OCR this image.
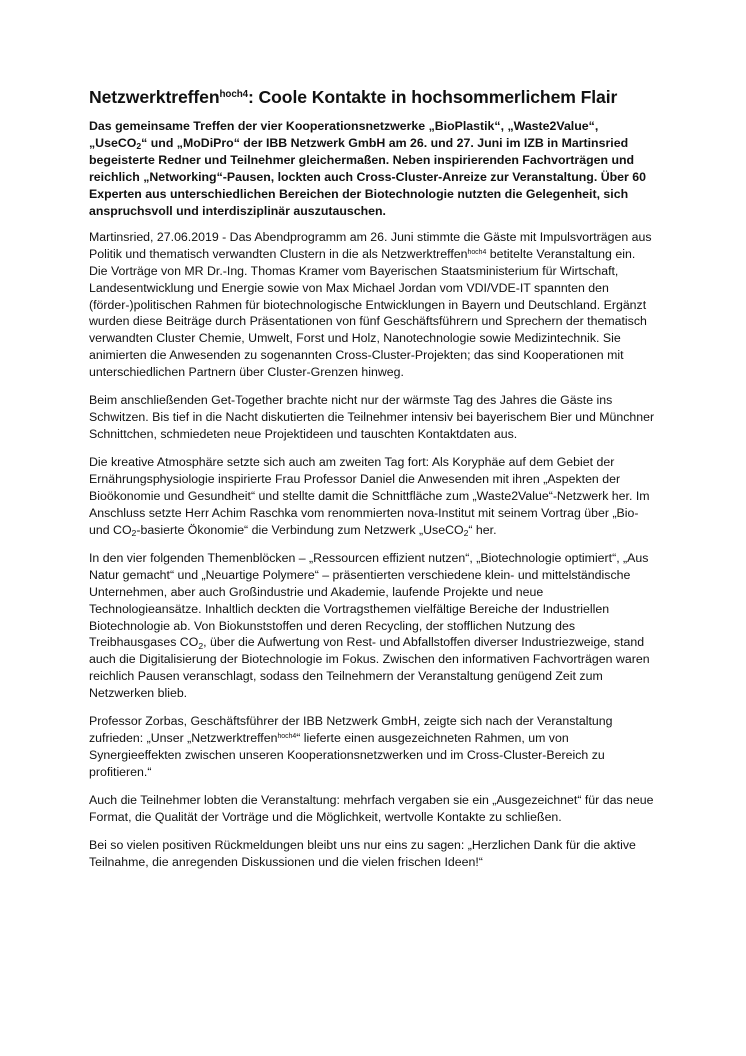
Netzwerktreffen$^{hoch4}$: Coole Kontakte in hochsommerlichem Flair

Das gemeinsame Treffen der vier Kooperationsnetzwerke „BioPlastik“, „Waste2Value“, „UseCO$_2$“ und „MoDiPro“ der IBB Netzwerk GmbH am 26. und 27. Juni im IZB in Martinsried begeisterte Redner und Teilnehmer gleichermaßen. Neben inspirierenden Fachvorträgen und reichlich „Networking“-Pausen, lockten auch Cross-Cluster-Anreize zur Veranstaltung. Über 60 Experten aus unterschiedlichen Bereichen der Biotechnologie nutzten die Gelegenheit, sich anspruchsvoll und interdisziplinär auszutauschen.

Martinsried, 27.06.2019 - Das Abendprogramm am 26. Juni stimmte die Gäste mit Impulsvorträgen aus Politik und thematisch verwandten Clustern in die als Netzwerktreffen$^{hoch4}$ betitelte Veranstaltung ein. Die Vorträge von MR Dr.-Ing. Thomas Kramer vom Bayerischen Staatsministerium für Wirtschaft, Landesentwicklung und Energie sowie von Max Michael Jordan vom VDI/VDE-IT spannten den (förder-)politischen Rahmen für biotechnologische Entwicklungen in Bayern und Deutschland. Ergänzt wurden diese Beiträge durch Präsentationen von fünf Geschäftsführern und Sprechern der thematisch verwandten Cluster Chemie, Umwelt, Forst und Holz, Nanotechnologie sowie Medizintechnik. Sie animierten die Anwesenden zu sogenannten Cross-Cluster-Projekten; das sind Kooperationen mit unterschiedlichen Partnern über Cluster-Grenzen hinweg.

Beim anschließenden Get-Together brachte nicht nur der wärmste Tag des Jahres die Gäste ins Schwitzen. Bis tief in die Nacht diskutierten die Teilnehmer intensiv bei bayerischem Bier und Münchner Schnittchen, schmiedeten neue Projektideen und tauschten Kontaktdaten aus.

Die kreative Atmosphäre setzte sich auch am zweiten Tag fort: Als Koryphäe auf dem Gebiet der Ernährungsphysiologie inspirierte Frau Professor Daniel die Anwesenden mit ihren „Aspekten der Bioökonomie und Gesundheit“ und stellte damit die Schnittfläche zum „Waste2Value“-Netzwerk her. Im Anschluss setzte Herr Achim Raschka vom renommierten nova-Institut mit seinem Vortrag über „Bio- und $CO_2$-basierte Ökonomie“ die Verbindung zum Netzwerk „UseCO$_2$“ her.

In den vier folgenden Themenblöcken – „Ressourcen effizient nutzen“, „Biotechnologie optimiert“, „Aus Natur gemacht“ und „Neuartige Polymere“ – präsentierten verschiedene klein- und mittelständische Unternehmen, aber auch Großindustrie und Akademie, laufende Projekte und neue Technologieansätze. Inhaltlich deckten die Vortragsthemen vielfältige Bereiche der Industriellen Biotechnologie ab. Von Biokunststoffen und deren Recycling, der stofflichen Nutzung des Treibhausgases $CO_2$, über die Aufwertung von Rest- und Abfallstoffen diverser Industriezweige, stand auch die Digitalisierung der Biotechnologie im Fokus. Zwischen den informativen Fachvorträgen waren reichlich Pausen veranschlagt, sodass den Teilnehmern der Veranstaltung genügend Zeit zum Netzwerken blieb.

Professor Zorbas, Geschäftsführer der IBB Netzwerk GmbH, zeigte sich nach der Veranstaltung zufrieden: „Unser „Netzwerktreffen$^{hoch4}$“ lieferte einen ausgezeichneten Rahmen, um von Synergieeffekten zwischen unseren Kooperationsnetzwerken und im Cross-Cluster-Bereich zu profitieren.“

Auch die Teilnehmer lobten die Veranstaltung: mehrfach vergaben sie ein „Ausgezeichnet“ für das neue Format, die Qualität der Vorträge und die Möglichkeit, wertvolle Kontakte zu schließen.

Bei so vielen positiven Rückmeldungen bleibt uns nur eins zu sagen: „Herzlichen Dank für die aktive Teilnahme, die anregenden Diskussionen und die vielen frischen Ideen!“
